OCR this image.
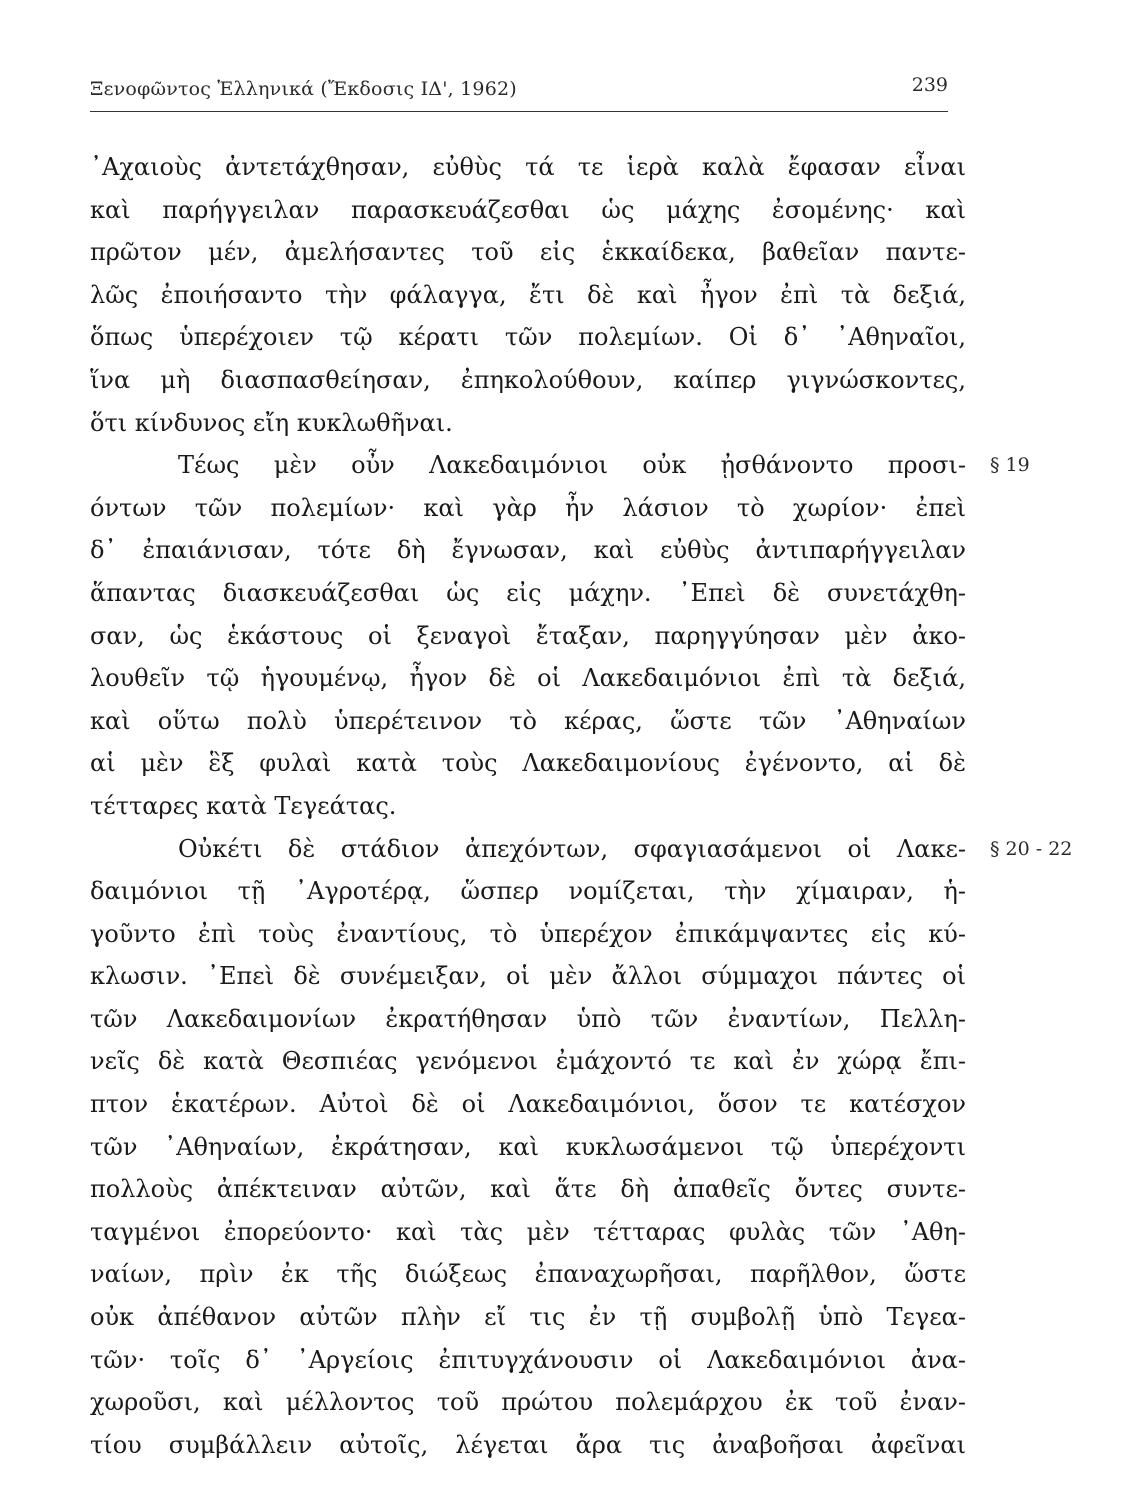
Ξενοφῶντος Ἑλληνικά (Ἔκδοσις ΙΔ', 1962)	239
᾿Αχαιοὺς ἀντετάχθησαν, εὐθὺς τά τε ἱερὰ καλὰ ἔφασαν εἶναι
καὶ παρήγγειλαν παρασκευάζεσθαι ὡς μάχης ἐσομένης· καὶ
πρῶτον μέν, ἀμελήσαντες τοῦ εἰς ἑκκαίδεκα, βαθεῖαν παντε-
λῶς ἐποιήσαντο τὴν φάλαγγα, ἔτι δὲ καὶ ἦγον ἐπὶ τὰ δεξιά,
ὅπως ὑπερέχοιεν τῷ κέρατι τῶν πολεμίων. Οἱ δ᾿ ᾿Αθηναῖοι,
ἵνα μὴ διασπασθείησαν, ἐπηκολούθουν, καίπερ γιγνώσκοντες,
ὅτι κίνδυνος εἴη κυκλωθῆναι.
Τέως μὲν οὖν Λακεδαιμόνιοι οὐκ ᾐσθάνοντο προσι- § 19
όντων τῶν πολεμίων· καὶ γὰρ ἦν λάσιον τὸ χωρίον· ἐπεὶ
δ᾿ ἐπαιάνισαν, τότε δὴ ἔγνωσαν, καὶ εὐθὺς ἀντιπαρήγγειλαν
ἅπαντας διασκευάζεσθαι ὡς εἰς μάχην. ᾿Επεὶ δὲ συνετάχθη-
σαν, ὡς ἑκάστους οἱ ξεναγοὶ ἔταξαν, παρηγγύησαν μὲν ἀκο-
λουθεῖν τῷ ἡγουμένῳ, ἦγον δὲ οἱ Λακεδαιμόνιοι ἐπὶ τὰ δεξιά,
καὶ οὕτω πολὺ ὑπερέτεινον τὸ κέρας, ὥστε τῶν ᾿Αθηναίων
αἱ μὲν ἓξ φυλαὶ κατὰ τοὺς Λακεδαιμονίους ἐγένοντο, αἱ δὲ
τέτταρες κατὰ Τεγεάτας.
Οὐκέτι δὲ στάδιον ἀπεχόντων, σφαγιασάμενοι οἱ Λακε- § 20 - 22
δαιμόνιοι τῇ ᾿Αγροτέρᾳ, ὥσπερ νομίζεται, τὴν χίμαιραν, ἡ-
γοῦντο ἐπὶ τοὺς ἐναντίους, τὸ ὑπερέχον ἐπικάμψαντες εἰς κύ-
κλωσιν. ᾿Επεὶ δὲ συνέμειξαν, οἱ μὲν ἄλλοι σύμμαχοι πάντες οἱ
τῶν Λακεδαιμονίων ἐκρατήθησαν ὑπὸ τῶν ἐναντίων, Πελλη-
νεῖς δὲ κατὰ Θεσπιέας γενόμενοι ἐμάχοντό τε καὶ ἐν χώρᾳ ἔπι-
πτον ἑκατέρων. Αὐτοὶ δὲ οἱ Λακεδαιμόνιοι, ὅσον τε κατέσχον
τῶν ᾿Αθηναίων, ἐκράτησαν, καὶ κυκλωσάμενοι τῷ ὑπερέχοντι
πολλοὺς ἀπέκτειναν αὐτῶν, καὶ ἅτε δὴ ἀπαθεῖς ὄντες συντε-
ταγμένοι ἐπορεύοντο· καὶ τὰς μὲν τέτταρας φυλὰς τῶν ᾿Αθη-
ναίων, πρὶν ἐκ τῆς διώξεως ἐπαναχωρῆσαι, παρῆλθον, ὥστε
οὐκ ἀπέθανον αὐτῶν πλὴν εἴ τις ἐν τῇ συμβολῇ ὑπὸ Τεγεα-
τῶν· τοῖς δ᾿ ᾿Αργείοις ἐπιτυγχάνουσιν οἱ Λακεδαιμόνιοι ἀνα-
χωροῦσι, καὶ μέλλοντος τοῦ πρώτου πολεμάρχου ἐκ τοῦ ἐναν-
τίου συμβάλλειν αὐτοῖς, λέγεται ἄρα τις ἀναβοῆσαι ἀφεῖναι
